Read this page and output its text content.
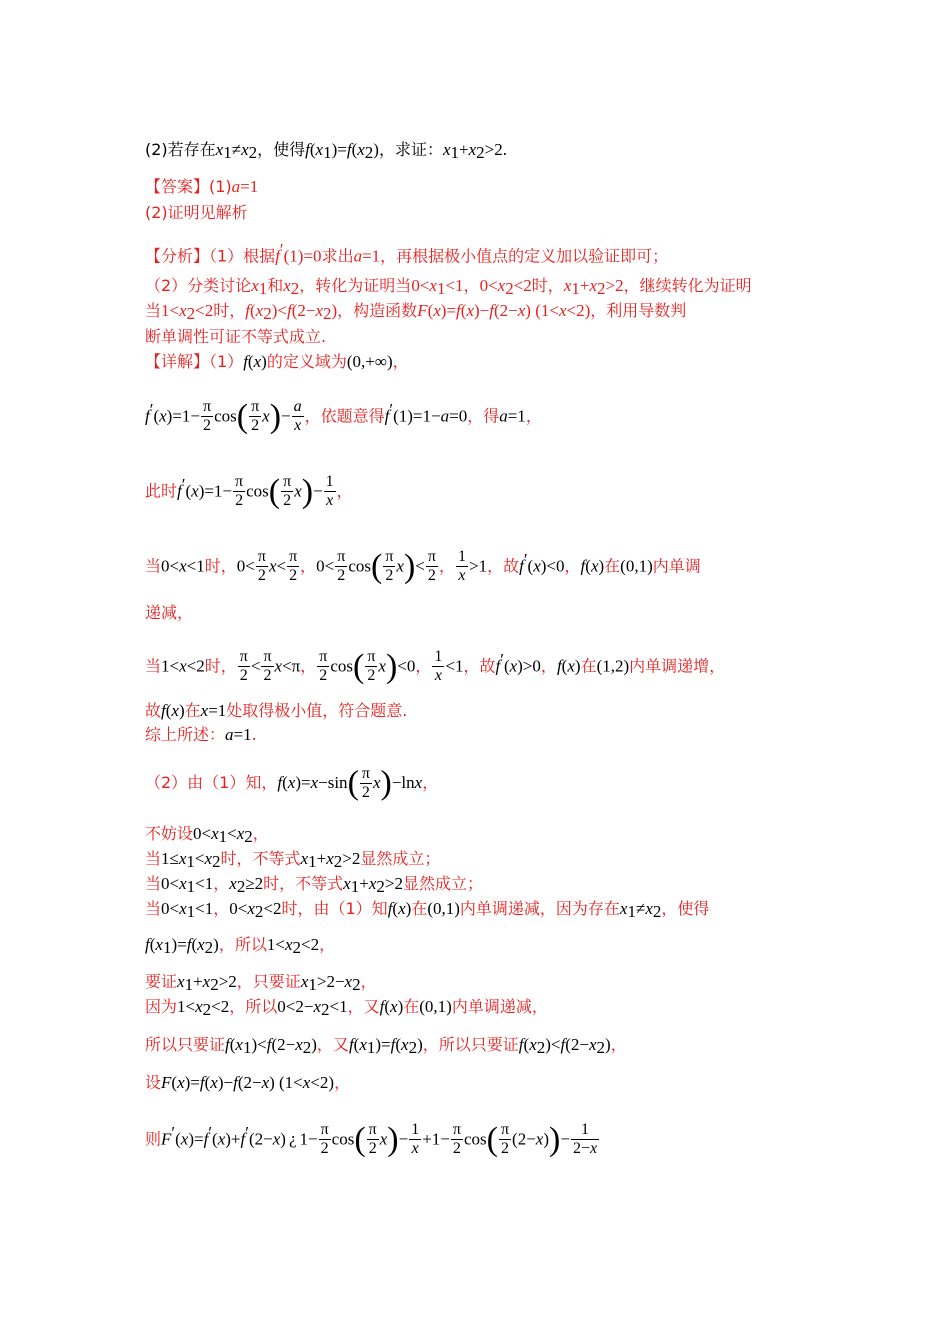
(2)若存在$x_1\ne x_2$，使得$f(x_1)=f(x_2)$，求证：$x_1+x_2>2$.
【答案】(1)a=1
(2)证明见解析
【分析】（1）根据f′(1)=0求出a=1，再根据极小值点的定义加以验证即可；
（2）分类讨论$x_1$和$x_2$，转化为证明当$0<x_1<1$，$0<x_2<2$时，$x_1+x_2>2$，继续转化为证明
当$1<x_2<2$时，$f(x_2)<f(2-x_2)$，构造函数F(x)=f(x)−f(2−x) (1<x<2)，利用导数判
断单调性可证不等式成立.
【详解】（1）f(x)的定义域为(0,+∞)，
$f'(x)=1- \frac{\pi}{2} \cos( \frac{\pi}{2} x)- \frac{a}{x}$ ，依题意得f′(1)=1−a=0，得a=1，
此时$f'(x)=1- \frac{\pi}{2} \cos( \frac{\pi}{2} x)- \frac{1}{x}$ ，
当0<x<1时，$0< \frac{\pi}{2} x< \frac{\pi}{2}$ ，$0< \frac{\pi}{2} \cos( \frac{\pi}{2} x)< \frac{\pi}{2}$ ， $\frac{1}{x} >1$，故f′(x)<0，f(x)在(0,1)内单调
递减，
当1<x<2时， $\frac{\pi}{2} < \frac{\pi}{2} x<\pi$， $\frac{\pi}{2} \cos( \frac{\pi}{2} x)<0$， $\frac{1}{x} <1$，故f′(x)>0，f(x)在(1,2)内单调递增，
故f(x)在x=1处取得极小值，符合题意.
综上所述：a=1.
（2）由（1）知，$f(x)=x-\sin( \frac{\pi}{2} x)-\ln x$，
不妨设$0<x_1<x_2$，
当$1\le x_1<x_2$时，不等式$x_1+x_2>2$显然成立；
当$0<x_1<1$，$x_2\ge 2$时，不等式$x_1+x_2>2$显然成立；
当$0<x_1<1$，$0<x_2<2$时，由（1）知f(x)在(0,1)内单调递减，因为存在$x_1\ne x_2$，使得
$f(x_1)=f(x_2)$，所以$1<x_2<2$，
要证$x_1+x_2>2$，只要证$x_1>2-x_2$，
因为$1<x_2<2$，所以$0<2-x_2<1$，又f(x)在(0,1)内单调递减，
所以只要证$f(x_1)<f(2-x_2)$，又$f(x_1)=f(x_2)$，所以只要证$f(x_2)<f(2-x_2)$，
设F(x)=f(x)−f(2−x) (1<x<2)，
则F′(x)=f′(x)+f′(2−x) ¿ $1- \frac{\pi}{2} \cos( \frac{\pi}{2} x)- \frac{1}{x} +1- \frac{\pi}{2} \cos( \frac{\pi}{2} (2-x))- \frac{1}{2-x}$
